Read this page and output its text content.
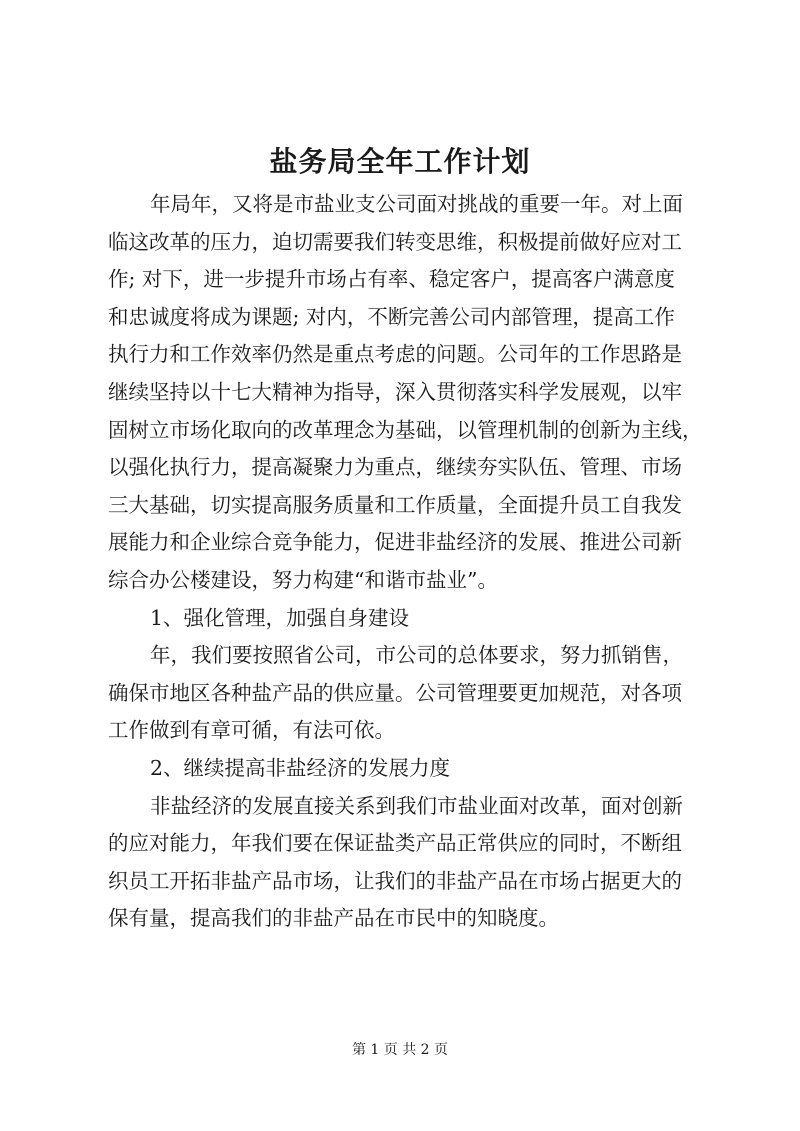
盐务局全年工作计划
年局年，又将是市盐业支公司面对挑战的重要一年。对上面
临这改革的压力，迫切需要我们转变思维，积极提前做好应对工
作; 对下，进一步提升市场占有率、稳定客户，提高客户满意度
和忠诚度将成为课题; 对内，不断完善公司内部管理，提高工作
执行力和工作效率仍然是重点考虑的问题。公司年的工作思路是
继续坚持以十七大精神为指导，深入贯彻落实科学发展观，以牢
固树立市场化取向的改革理念为基础，以管理机制的创新为主线，
以强化执行力，提高凝聚力为重点，继续夯实队伍、管理、市场
三大基础，切实提高服务质量和工作质量，全面提升员工自我发
展能力和企业综合竞争能力，促进非盐经济的发展、推进公司新
综合办公楼建设，努力构建“和谐市盐业”。
1、强化管理，加强自身建设
年，我们要按照省公司，市公司的总体要求，努力抓销售，
确保市地区各种盐产品的供应量。公司管理要更加规范，对各项
工作做到有章可循，有法可依。
2、继续提高非盐经济的发展力度
非盐经济的发展直接关系到我们市盐业面对改革，面对创新
的应对能力，年我们要在保证盐类产品正常供应的同时，不断组
织员工开拓非盐产品市场，让我们的非盐产品在市场占据更大的
保有量，提高我们的非盐产品在市民中的知晓度。
第 1 页 共 2 页
